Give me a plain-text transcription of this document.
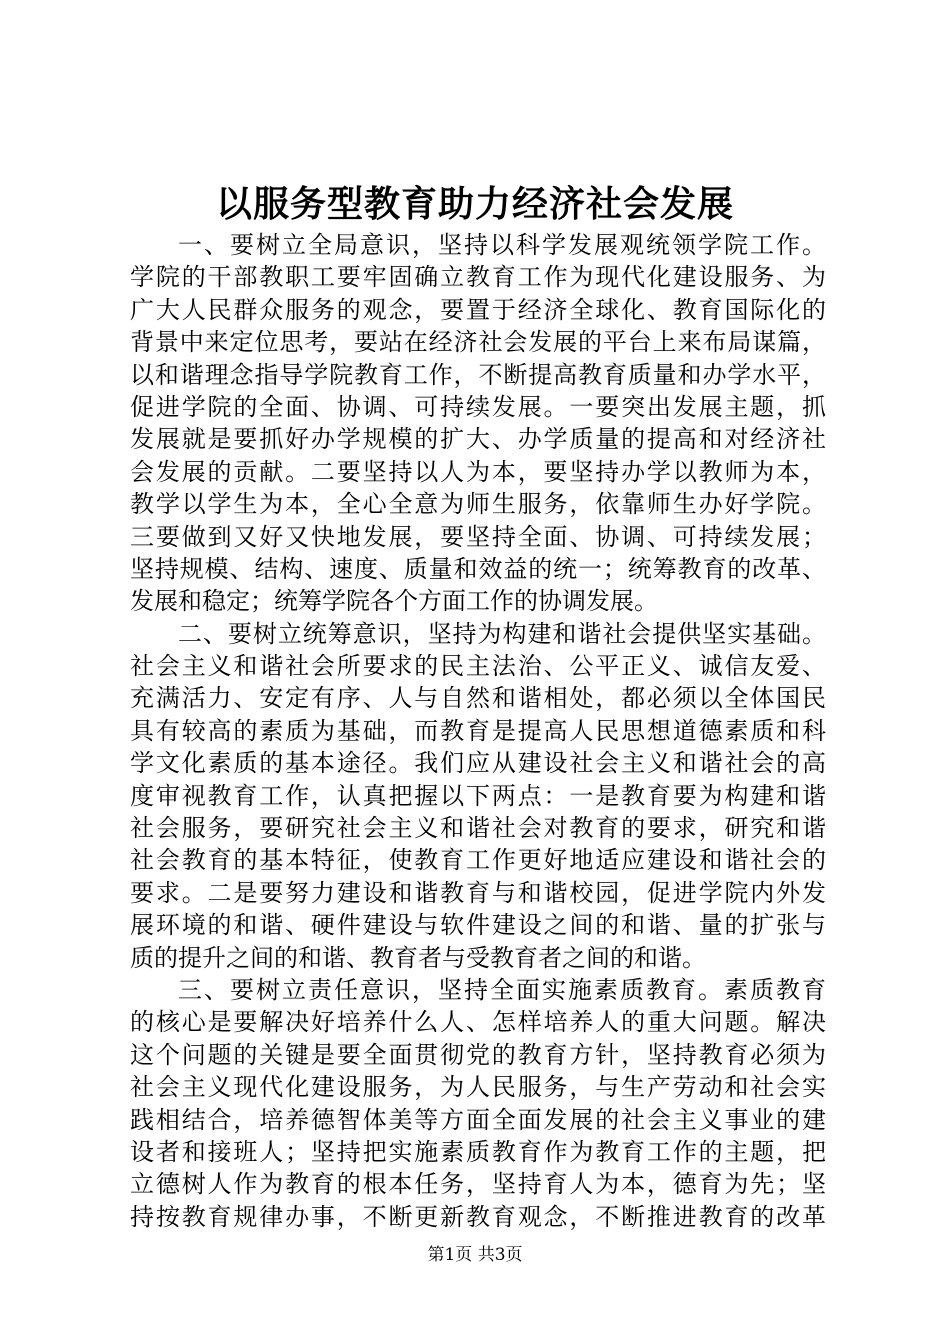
以服务型教育助力经济社会发展

一、要树立全局意识，坚持以科学发展观统领学院工作。
学院的干部教职工要牢固确立教育工作为现代化建设服务、为
广大人民群众服务的观念，要置于经济全球化、教育国际化的
背景中来定位思考，要站在经济社会发展的平台上来布局谋篇，
以和谐理念指导学院教育工作，不断提高教育质量和办学水平，
促进学院的全面、协调、可持续发展。一要突出发展主题，抓
发展就是要抓好办学规模的扩大、办学质量的提高和对经济社
会发展的贡献。二要坚持以人为本，要坚持办学以教师为本，
教学以学生为本，全心全意为师生服务，依靠师生办好学院。
三要做到又好又快地发展，要坚持全面、协调、可持续发展；
坚持规模、结构、速度、质量和效益的统一；统筹教育的改革、
发展和稳定；统筹学院各个方面工作的协调发展。

二、要树立统筹意识，坚持为构建和谐社会提供坚实基础。
社会主义和谐社会所要求的民主法治、公平正义、诚信友爱、
充满活力、安定有序、人与自然和谐相处，都必须以全体国民
具有较高的素质为基础，而教育是提高人民思想道德素质和科
学文化素质的基本途径。我们应从建设社会主义和谐社会的高
度审视教育工作，认真把握以下两点：一是教育要为构建和谐
社会服务，要研究社会主义和谐社会对教育的要求，研究和谐
社会教育的基本特征，使教育工作更好地适应建设和谐社会的
要求。二是要努力建设和谐教育与和谐校园，促进学院内外发
展环境的和谐、硬件建设与软件建设之间的和谐、量的扩张与
质的提升之间的和谐、教育者与受教育者之间的和谐。

三、要树立责任意识，坚持全面实施素质教育。素质教育
的核心是要解决好培养什么人、怎样培养人的重大问题。解决
这个问题的关键是要全面贯彻党的教育方针，坚持教育必须为
社会主义现代化建设服务，为人民服务，与生产劳动和社会实
践相结合，培养德智体美等方面全面发展的社会主义事业的建
设者和接班人；坚持把实施素质教育作为教育工作的主题，把
立德树人作为教育的根本任务，坚持育人为本，德育为先；坚
持按教育规律办事，不断更新教育观念，不断推进教育的改革

第1页 共3页
